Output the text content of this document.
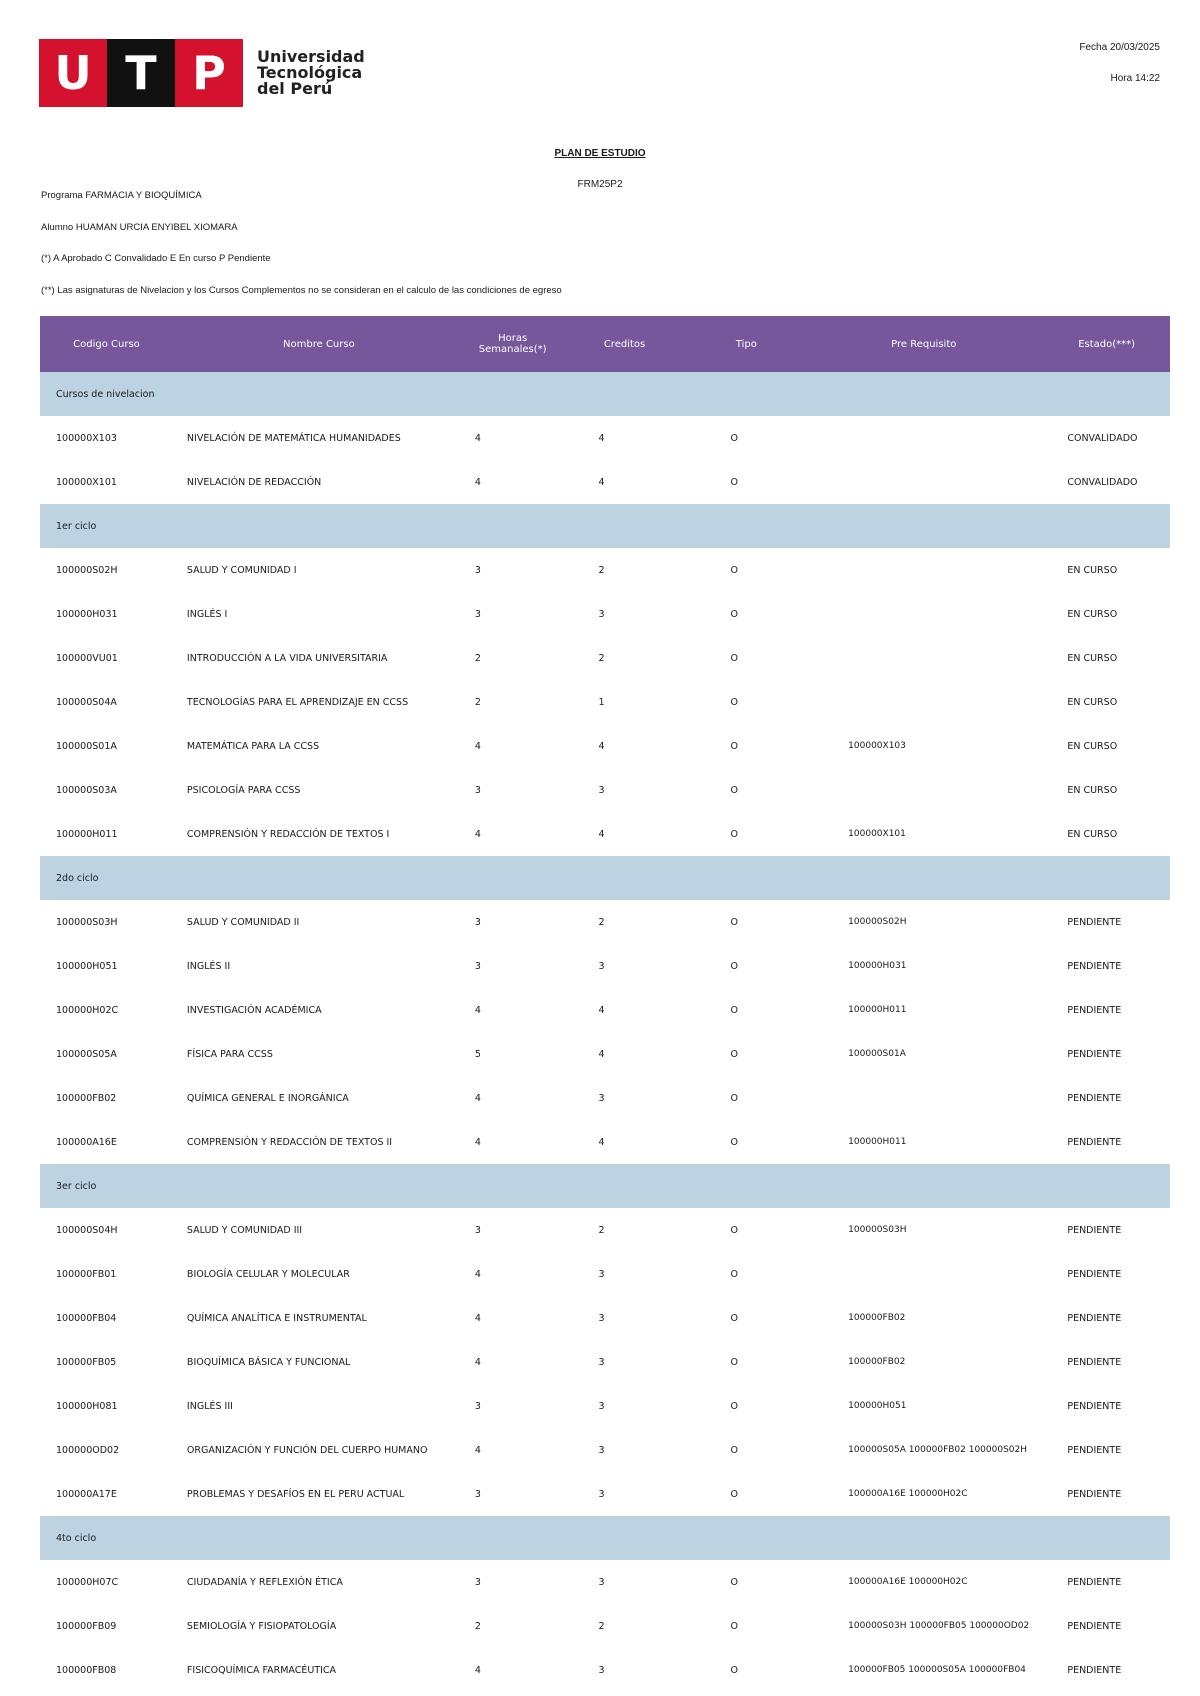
U T P	Universidad
Tecnológica
del Perú
Fecha 20/03/2025
Hora 14:22
PLAN DE ESTUDIO
FRM25P2
Programa FARMACIA Y BIOQUÍMICA
Alumno HUAMAN URCIA ENYIBEL XIOMARA
(*) A Aprobado C Convalidado E En curso P Pendiente
(**) Las asignaturas de Nivelacion y los Cursos Complementos no se consideran en el calculo de las condiciones de egreso
Codigo Curso	Nombre Curso	Horas Semanales(*)	Creditos	Tipo	Pre Requisito	Estado(***)
Cursos de nivelacion						
100000X103	NIVELACIÓN DE MATEMÁTICA HUMANIDADES	4	4	O		CONVALIDADO
100000X101	NIVELACIÓN DE REDACCIÓN	4	4	O		CONVALIDADO
1er ciclo						
100000S02H	SALUD Y COMUNIDAD I	3	2	O		EN CURSO
100000H031	INGLÉS I	3	3	O		EN CURSO
100000VU01	INTRODUCCIÓN A LA VIDA UNIVERSITARIA	2	2	O		EN CURSO
100000S04A	TECNOLOGÍAS PARA EL APRENDIZAJE EN CCSS	2	1	O		EN CURSO
100000S01A	MATEMÁTICA PARA LA CCSS	4	4	O	100000X103	EN CURSO
100000S03A	PSICOLOGÍA PARA CCSS	3	3	O		EN CURSO
100000H011	COMPRENSIÓN Y REDACCIÓN DE TEXTOS I	4	4	O	100000X101	EN CURSO
2do ciclo						
100000S03H	SALUD Y COMUNIDAD II	3	2	O	100000S02H	PENDIENTE
100000H051	INGLÉS II	3	3	O	100000H031	PENDIENTE
100000H02C	INVESTIGACIÓN ACADÉMICA	4	4	O	100000H011	PENDIENTE
100000S05A	FÍSICA PARA CCSS	5	4	O	100000S01A	PENDIENTE
100000FB02	QUÍMICA GENERAL E INORGÁNICA	4	3	O		PENDIENTE
100000A16E	COMPRENSIÓN Y REDACCIÓN DE TEXTOS II	4	4	O	100000H011	PENDIENTE
3er ciclo						
100000S04H	SALUD Y COMUNIDAD III	3	2	O	100000S03H	PENDIENTE
100000FB01	BIOLOGÍA CELULAR Y MOLECULAR	4	3	O		PENDIENTE
100000FB04	QUÍMICA ANALÍTICA E INSTRUMENTAL	4	3	O	100000FB02	PENDIENTE
100000FB05	BIOQUÍMICA BÁSICA Y FUNCIONAL	4	3	O	100000FB02	PENDIENTE
100000H081	INGLÉS III	3	3	O	100000H051	PENDIENTE
100000OD02	ORGANIZACIÓN Y FUNCIÓN DEL CUERPO HUMANO	4	3	O	100000S05A 100000FB02 100000S02H	PENDIENTE
100000A17E	PROBLEMAS Y DESAFÍOS EN EL PERU ACTUAL	3	3	O	100000A16E 100000H02C	PENDIENTE
4to ciclo						
100000H07C	CIUDADANÍA Y REFLEXIÓN ÉTICA	3	3	O	100000A16E 100000H02C	PENDIENTE
100000FB09	SEMIOLOGÍA Y FISIOPATOLOGÍA	2	2	O	100000S03H 100000FB05 100000OD02	PENDIENTE
100000FB08	FISICOQUÍMICA FARMACÉUTICA	4	3	O	100000FB05 100000S05A 100000FB04	PENDIENTE
